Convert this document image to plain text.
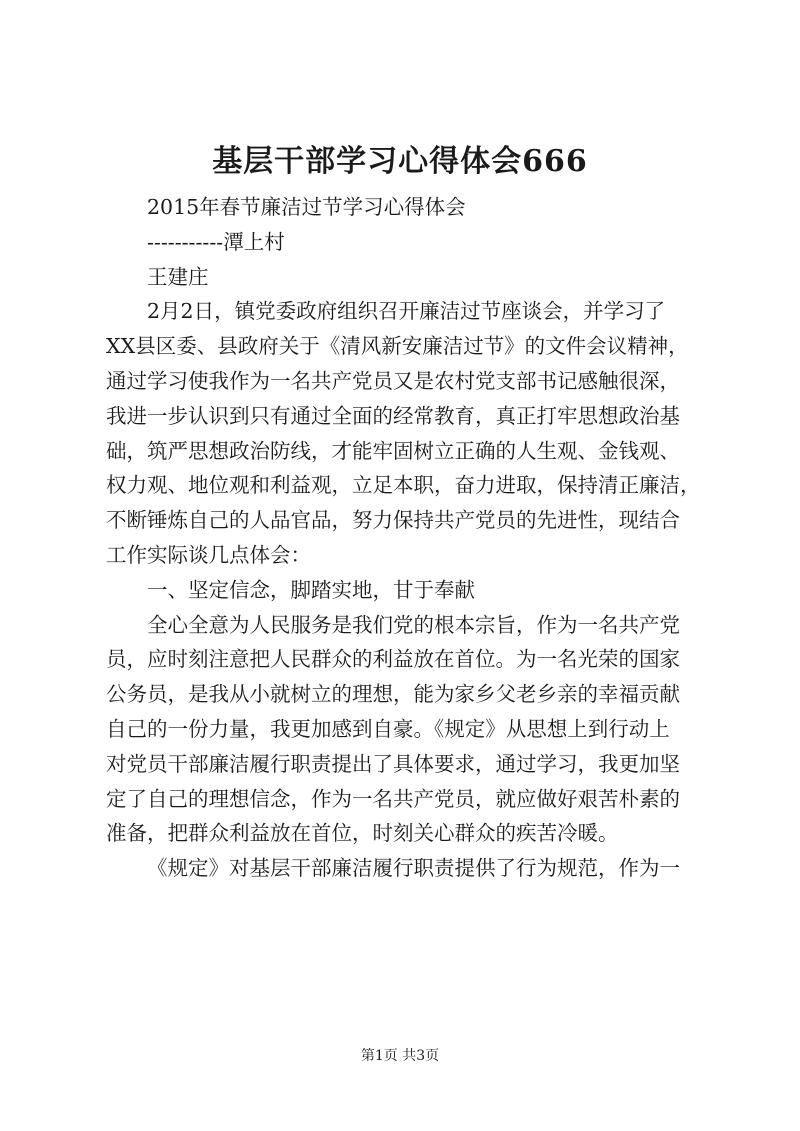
基层干部学习心得体会666
2015年春节廉洁过节学习心得体会
-----------潭上村
王建庄
2月2日，镇党委政府组织召开廉洁过节座谈会，并学习了
XX县区委、县政府关于《清风新安廉洁过节》的文件会议精神，
通过学习使我作为一名共产党员又是农村党支部书记感触很深，
我进一步认识到只有通过全面的经常教育，真正打牢思想政治基
础，筑严思想政治防线，才能牢固树立正确的人生观、金钱观、
权力观、地位观和利益观，立足本职，奋力进取，保持清正廉洁，
不断锤炼自己的人品官品，努力保持共产党员的先进性，现结合
工作实际谈几点体会：
一、坚定信念，脚踏实地，甘于奉献
全心全意为人民服务是我们党的根本宗旨，作为一名共产党
员，应时刻注意把人民群众的利益放在首位。为一名光荣的国家
公务员，是我从小就树立的理想，能为家乡父老乡亲的幸福贡献
自己的一份力量，我更加感到自豪。《规定》从思想上到行动上
对党员干部廉洁履行职责提出了具体要求，通过学习，我更加坚
定了自己的理想信念，作为一名共产党员，就应做好艰苦朴素的
准备，把群众利益放在首位，时刻关心群众的疾苦冷暖。
《规定》对基层干部廉洁履行职责提供了行为规范，作为一
第1页 共3页
